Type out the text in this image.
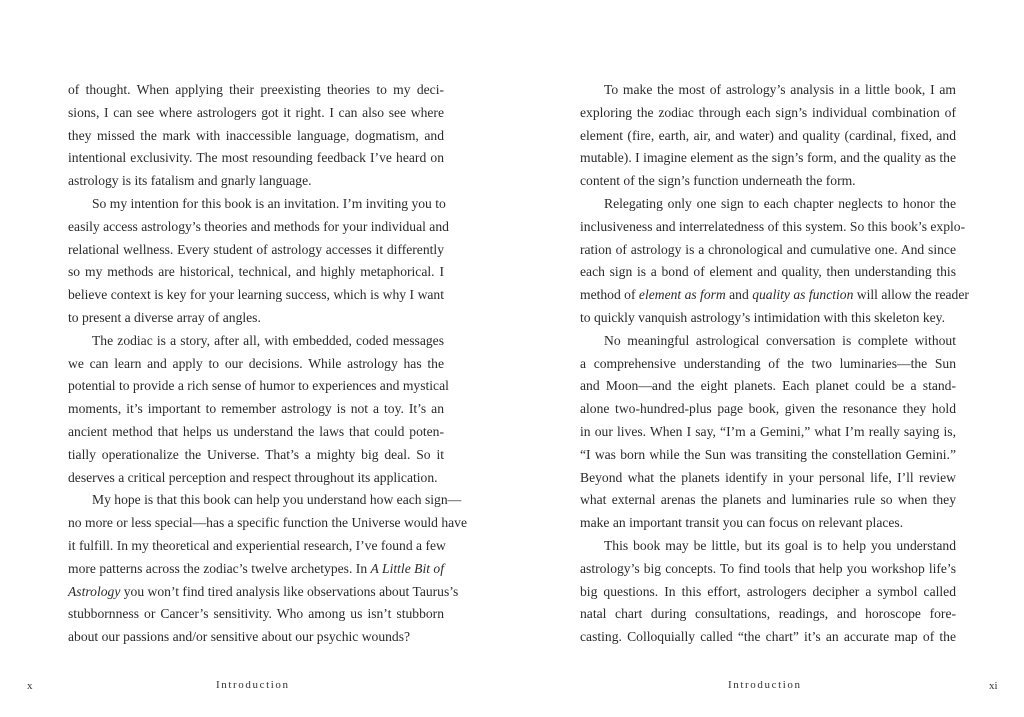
of thought. When applying their preexisting theories to my deci-
sions, I can see where astrologers got it right. I can also see where
they missed the mark with inaccessible language, dogmatism, and
intentional exclusivity. The most resounding feedback I’ve heard on
astrology is its fatalism and gnarly language.
So my intention for this book is an invitation. I’m inviting you to
easily access astrology’s theories and methods for your individual and
relational wellness. Every student of astrology accesses it differently
so my methods are historical, technical, and highly metaphorical. I
believe context is key for your learning success, which is why I want
to present a diverse array of angles.
The zodiac is a story, after all, with embedded, coded messages
we can learn and apply to our decisions. While astrology has the
potential to provide a rich sense of humor to experiences and mystical
moments, it’s important to remember astrology is not a toy. It’s an
ancient method that helps us understand the laws that could poten-
tially operationalize the Universe. That’s a mighty big deal. So it
deserves a critical perception and respect throughout its application.
My hope is that this book can help you understand how each sign—
no more or less special—has a specific function the Universe would have
it fulfill. In my theoretical and experiential research, I’ve found a few
more patterns across the zodiac’s twelve archetypes. In A Little Bit of
Astrology you won’t find tired analysis like observations about Taurus’s
stubbornness or Cancer’s sensitivity. Who among us isn’t stubborn
about our passions and/or sensitive about our psychic wounds?
x	Introduction
To make the most of astrology’s analysis in a little book, I am
exploring the zodiac through each sign’s individual combination of
element (fire, earth, air, and water) and quality (cardinal, fixed, and
mutable). I imagine element as the sign’s form, and the quality as the
content of the sign’s function underneath the form.
Relegating only one sign to each chapter neglects to honor the
inclusiveness and interrelatedness of this system. So this book’s explo-
ration of astrology is a chronological and cumulative one. And since
each sign is a bond of element and quality, then understanding this
method of element as form and quality as function will allow the reader
to quickly vanquish astrology’s intimidation with this skeleton key.
No meaningful astrological conversation is complete without
a comprehensive understanding of the two luminaries—the Sun
and Moon—and the eight planets. Each planet could be a stand-
alone two-hundred-plus page book, given the resonance they hold
in our lives. When I say, “I’m a Gemini,” what I’m really saying is,
“I was born while the Sun was transiting the constellation Gemini.”
Beyond what the planets identify in your personal life, I’ll review
what external arenas the planets and luminaries rule so when they
make an important transit you can focus on relevant places.
This book may be little, but its goal is to help you understand
astrology’s big concepts. To find tools that help you workshop life’s
big questions. In this effort, astrologers decipher a symbol called
natal chart during consultations, readings, and horoscope fore-
casting. Colloquially called “the chart” it’s an accurate map of the
Introduction	xi
